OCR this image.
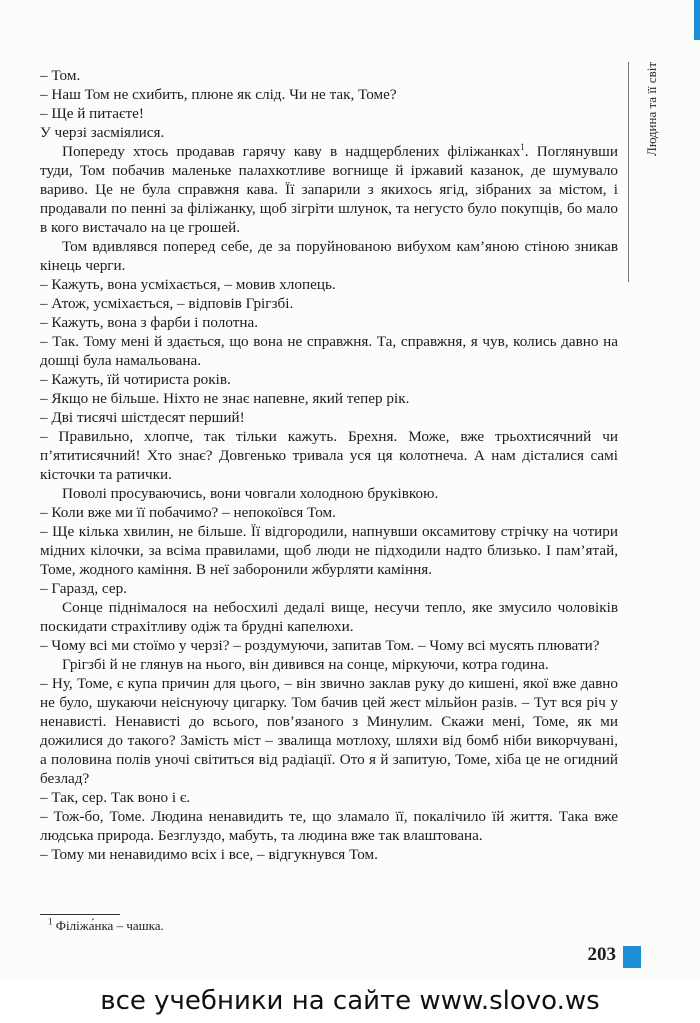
– Том.

– Наш Том не схибить, плюне як слід. Чи не так, Томе?

– Ще й питаєте!

У черзі засміялися.

Попереду хтось продавав гарячу каву в надщерблених філіжанках$^1$. Поглянувши туди, Том побачив маленьке палахкотливе вогнище й іржавий казанок, де шумувало вариво. Це не була справжня кава. Її запарили з якихось ягід, зібраних за містом, і продавали по пенні за філіжанку, щоб зігріти шлунок, та негусто було покупців, бо мало в кого вистачало на це грошей.

Том вдивлявся поперед себе, де за поруйнованою вибухом кам’яною стіною зникав кінець черги.

– Кажуть, вона усміхається, – мовив хлопець.

– Атож, усміхається, – відповів Грігзбі.

– Кажуть, вона з фарби і полотна.

– Так. Тому мені й здається, що вона не справжня. Та, справжня, я чув, колись давно на дошці була намальована.

– Кажуть, їй чотириста років.

– Якщо не більше. Ніхто не знає напевне, який тепер рік.

– Дві тисячі шістдесят перший!

– Правильно, хлопче, так тільки кажуть. Брехня. Може, вже трьохтисячний чи п’ятитисячний! Хто знає? Довгенько тривала уся ця колотнеча. А нам дісталися самі кісточки та ратички.

Поволі просуваючись, вони човгали холодною бруківкою.

– Коли вже ми її побачимо? – непокоївся Том.

– Ще кілька хвилин, не більше. Її відгородили, напнувши оксамитову стрічку на чотири мідних кілочки, за всіма правилами, щоб люди не підходили надто близько. І пам’ятай, Томе, жодного каміння. В неї заборонили жбурляти каміння.

– Гаразд, сер.

Сонце піднімалося на небосхилі дедалі вище, несучи тепло, яке змусило чоловіків поскидати страхітливу одіж та брудні капелюхи.

– Чому всі ми стоїмо у черзі? – роздумуючи, запитав Том. – Чому всі мусять плювати?

Грігзбі й не глянув на нього, він дивився на сонце, міркуючи, котра година.

– Ну, Томе, є купа причин для цього, – він звично заклав руку до кишені, якої вже давно не було, шукаючи неіснуючу цигарку. Том бачив цей жест мільйон разів. – Тут вся річ у ненависті. Ненависті до всього, пов’язаного з Минулим. Скажи мені, Томе, як ми дожилися до такого? Замість міст – звалища мотлоху, шляхи від бомб ніби викорчувані, а половина полів уночі світиться від радіації. Ото я й запитую, Томе, хіба це не огидний безлад?

– Так, сер. Так воно і є.

– Тож-бо, Томе. Людина ненавидить те, що зламало її, покалічило їй життя. Така вже людська природа. Безглуздо, мабуть, та людина вже так влаштована.

– Тому ми ненавидимо всіх і все, – відгукнувся Том.

Людина та її світ
$^1$ Філіжа́нка – чашка.
203
все учебники на сайте www.slovo.ws
